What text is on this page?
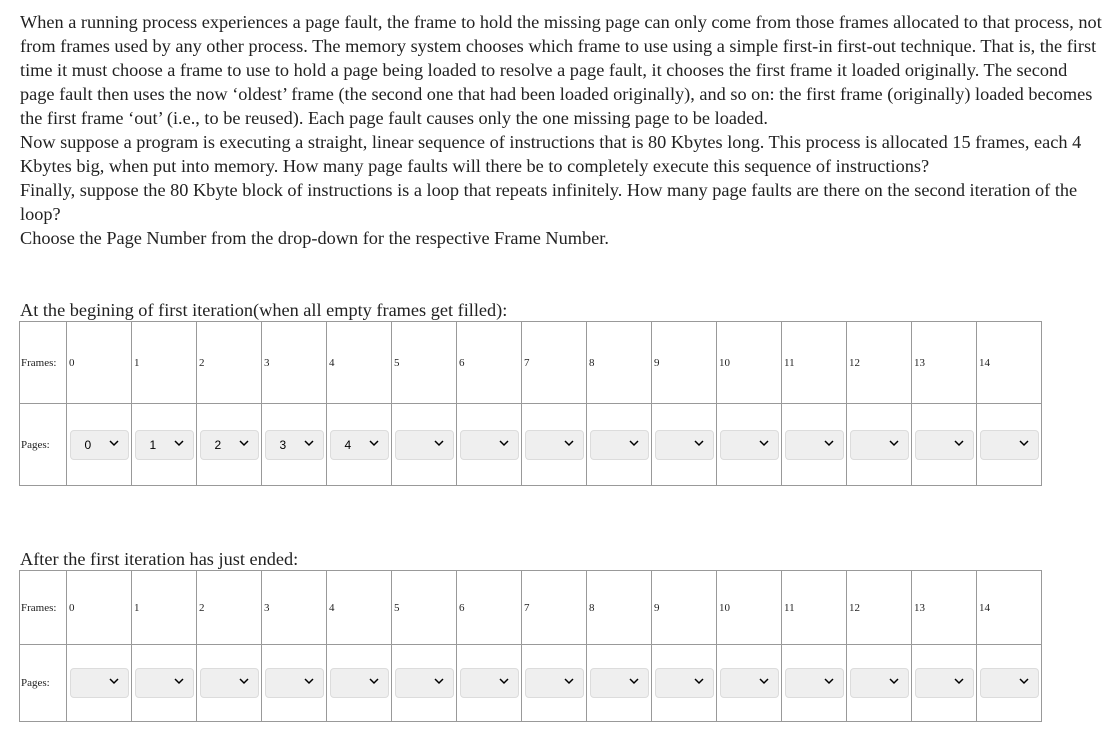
When a running process experiences a page fault, the frame to hold the missing page can only come from those frames allocated to that process, not from frames used by any other process. The memory system chooses which frame to use using a simple first-in first-out technique. That is, the first time it must choose a frame to use to hold a page being loaded to resolve a page fault, it chooses the first frame it loaded originally. The second page fault then uses the now ‘oldest’ frame (the second one that had been loaded originally), and so on: the first frame (originally) loaded becomes the first frame ‘out’ (i.e., to be reused). Each page fault causes only the one missing page to be loaded.

Now suppose a program is executing a straight, linear sequence of instructions that is 80 Kbytes long. This process is allocated 15 frames, each 4 Kbytes big, when put into memory. How many page faults will there be to completely execute this sequence of instructions?

Finally, suppose the 80 Kbyte block of instructions is a loop that repeats infinitely. How many page faults are there on the second iteration of the loop?

Choose the Page Number from the drop-down for the respective Frame Number.

At the begining of first iteration(when all empty frames get filled):
Frames:	0	1	2	3	4	5	6	7	8	9	10	11	12	13	14
Pages:	0	1	2	3	4

After the first iteration has just ended:
Frames:	0	1	2	3	4	5	6	7	8	9	10	11	12	13	14
Pages:	
